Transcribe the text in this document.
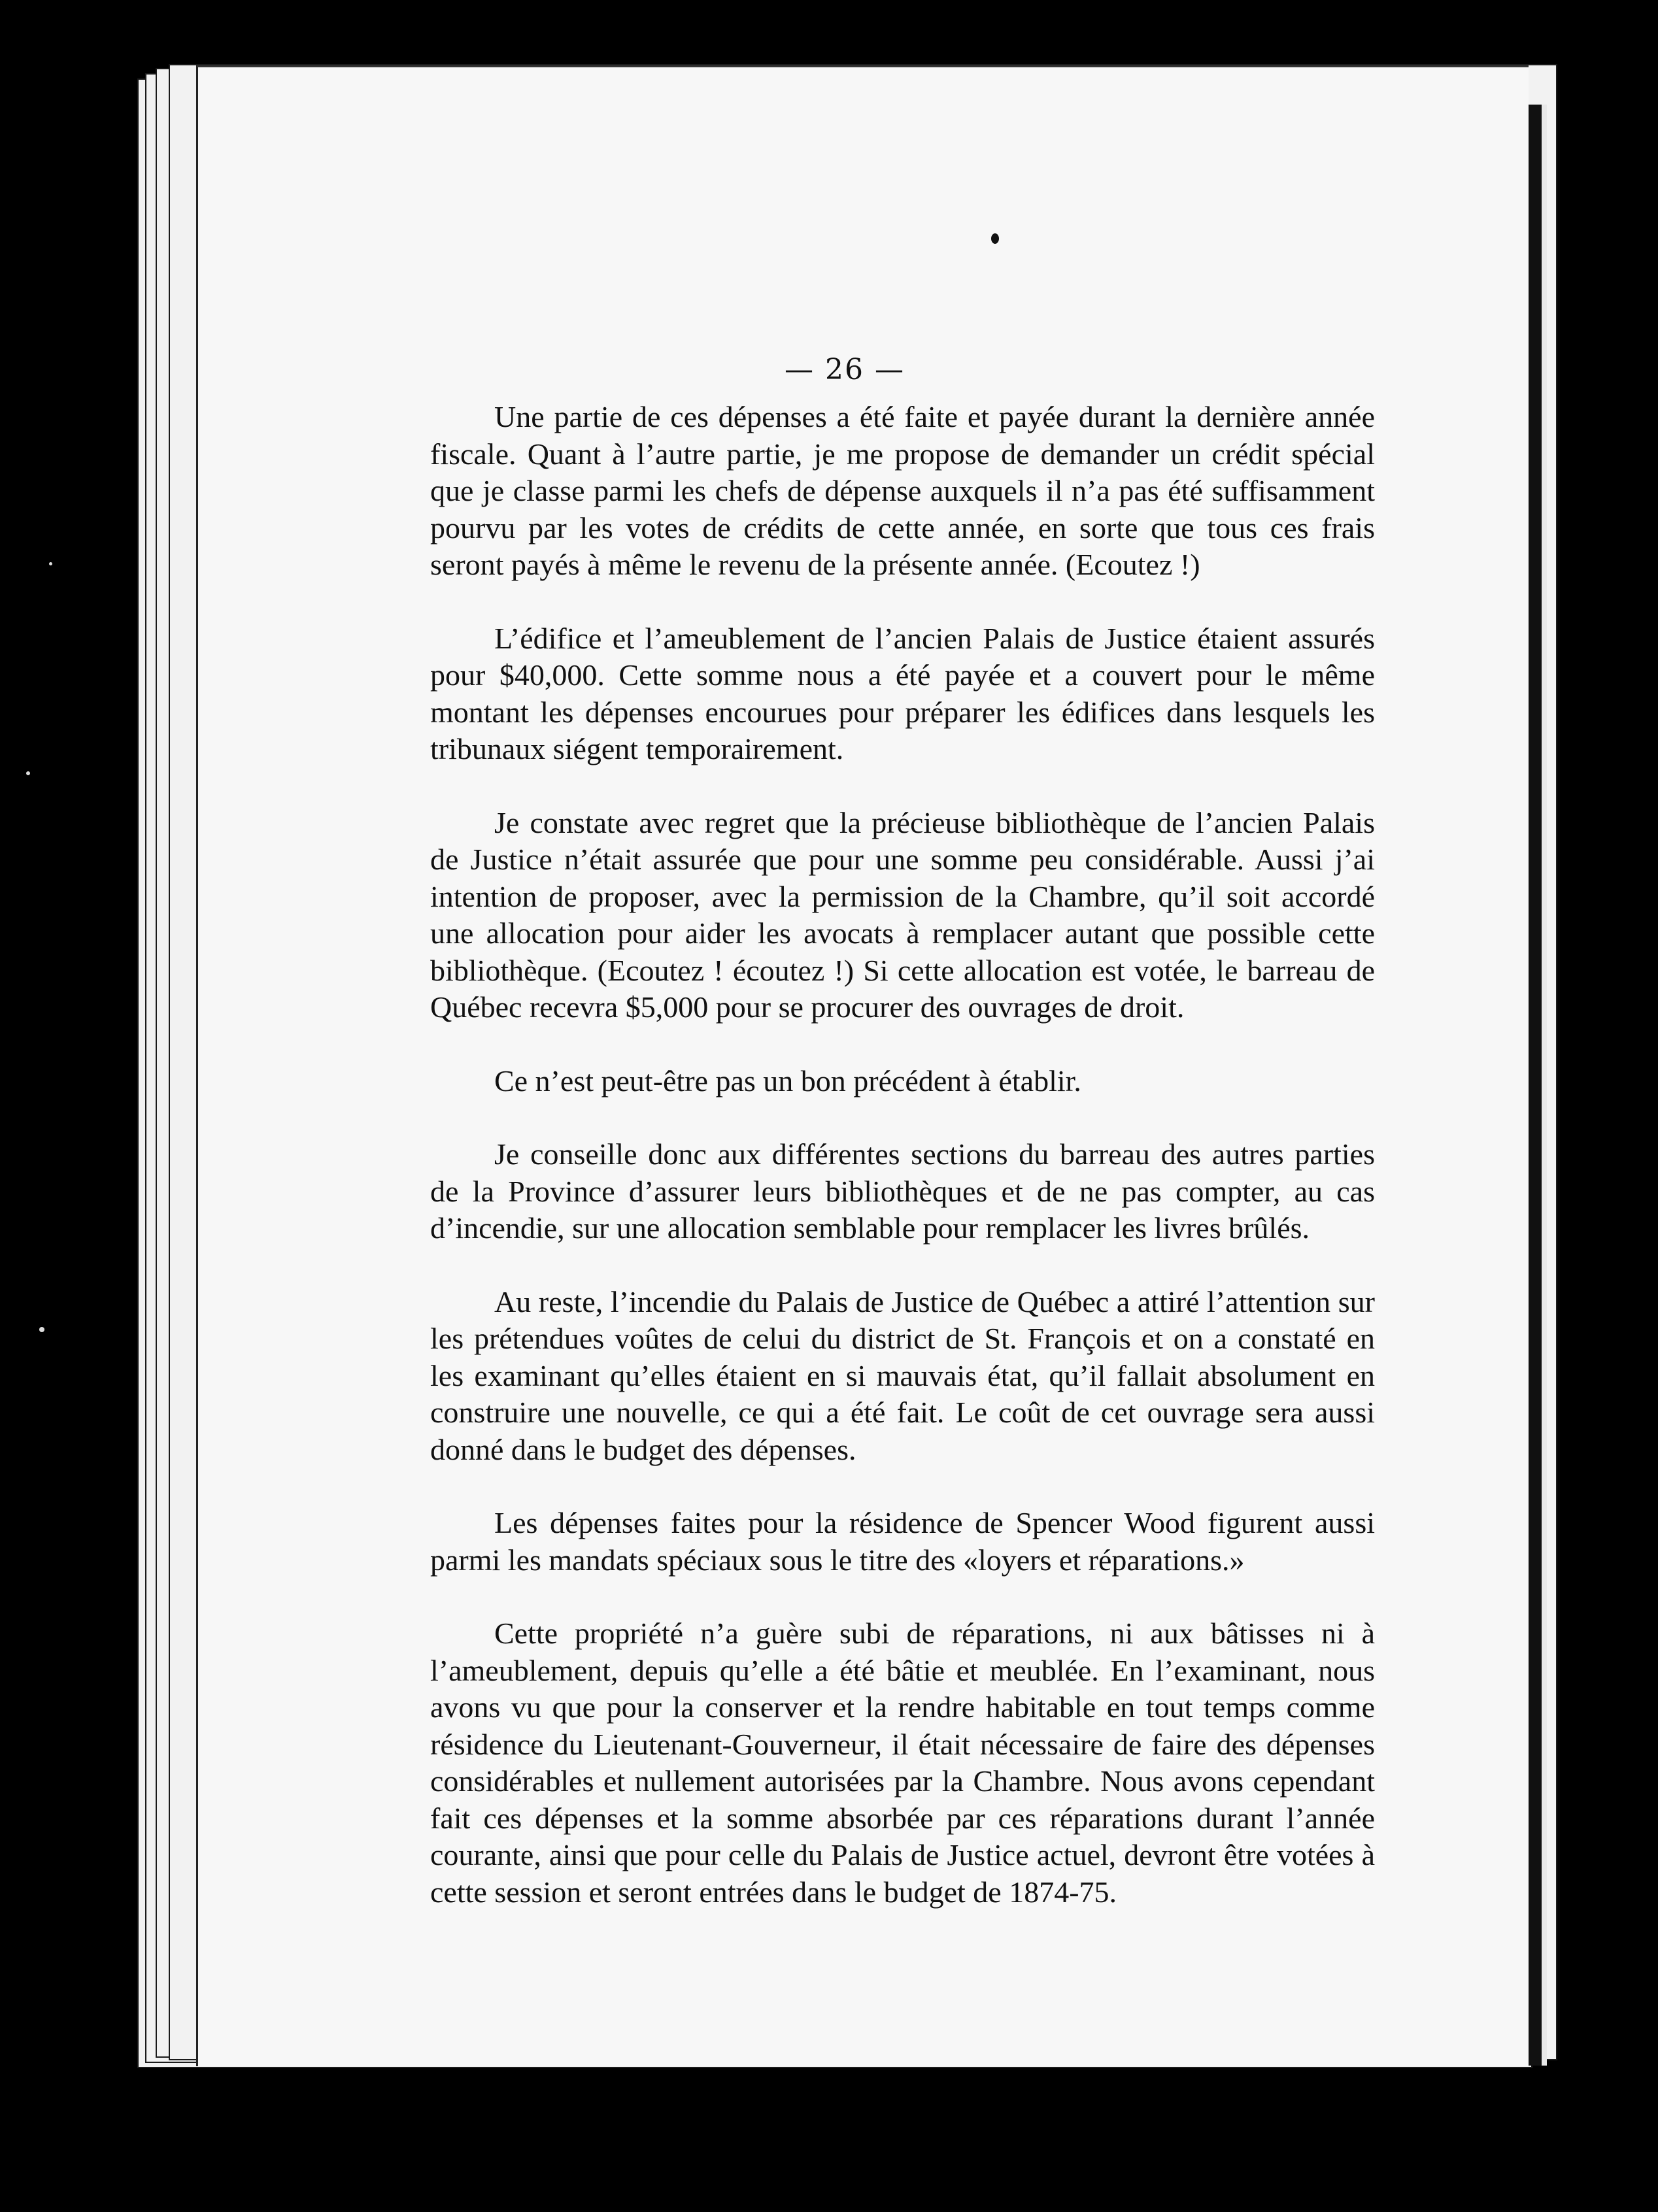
— 26 —

Une partie de ces dépenses a été faite et payée durant la dernière année fiscale. Quant à l’autre partie, je me propose de demander un crédit spécial que je classe parmi les chefs de dépense auxquels il n’a pas été suffisamment pourvu par les votes de crédits de cette année, en sorte que tous ces frais seront payés à même le revenu de la présente année. (Ecoutez !)

L’édifice et l’ameublement de l’ancien Palais de Justice étaient assurés pour $40,000. Cette somme nous a été payée et a couvert pour le même montant les dépenses encourues pour préparer les édifices dans lesquels les tribunaux siégent temporairement.

Je constate avec regret que la précieuse bibliothèque de l’ancien Palais de Justice n’était assurée que pour une somme peu considérable. Aussi j’ai intention de proposer, avec la permission de la Chambre, qu’il soit accordé une allocation pour aider les avocats à remplacer autant que possible cette bibliothèque. (Ecoutez ! écoutez !) Si cette allocation est votée, le barreau de Québec recevra $5,000 pour se procurer des ouvrages de droit.

Ce n’est peut-être pas un bon précédent à établir.

Je conseille donc aux différentes sections du barreau des autres parties de la Province d’assurer leurs bibliothèques et de ne pas compter, au cas d’incendie, sur une allocation semblable pour remplacer les livres brûlés.

Au reste, l’incendie du Palais de Justice de Québec a attiré l’attention sur les prétendues voûtes de celui du district de St. François et on a constaté en les examinant qu’elles étaient en si mauvais état, qu’il fallait absolument en construire une nouvelle, ce qui a été fait. Le coût de cet ouvrage sera aussi donné dans le budget des dépenses.

Les dépenses faites pour la résidence de Spencer Wood figurent aussi parmi les mandats spéciaux sous le titre des «loyers et réparations.»

Cette propriété n’a guère subi de réparations, ni aux bâtisses ni à l’ameublement, depuis qu’elle a été bâtie et meublée. En l’examinant, nous avons vu que pour la conserver et la rendre habitable en tout temps comme résidence du Lieutenant-Gouverneur, il était nécessaire de faire des dépenses considérables et nullement autorisées par la Chambre. Nous avons cependant fait ces dépenses et la somme absorbée par ces réparations durant l’année courante, ainsi que pour celle du Palais de Justice actuel, devront être votées à cette session et seront entrées dans le budget de 1874-75.
